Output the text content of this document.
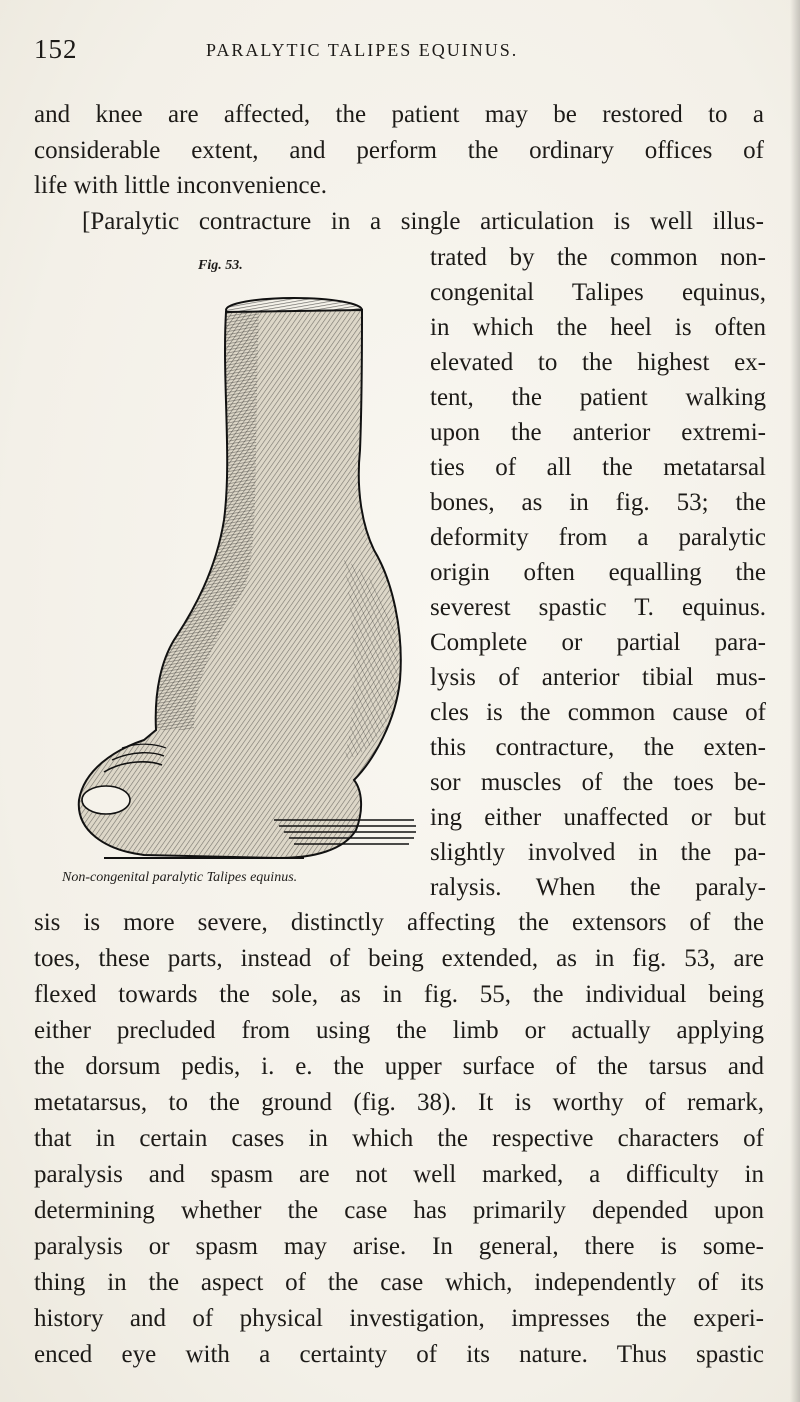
152	PARALYTIC TALIPES EQUINUS.
and knee are affected, the patient may be restored to a
considerable extent, and perform the ordinary offices of
life with little inconvenience.
[Paralytic contracture in a single articulation is well illus-
Fig. 53.
Non-congenital paralytic Talipes equinus.
trated by the common non-
congenital Talipes equinus,
in which the heel is often
elevated to the highest ex-
tent, the patient walking
upon the anterior extremi-
ties of all the metatarsal
bones, as in fig. 53; the
deformity from a paralytic
origin often equalling the
severest spastic T. equinus.
Complete or partial para-
lysis of anterior tibial mus-
cles is the common cause of
this contracture, the exten-
sor muscles of the toes be-
ing either unaffected or but
slightly involved in the pa-
ralysis. When the paraly-
sis is more severe, distinctly affecting the extensors of the
toes, these parts, instead of being extended, as in fig. 53, are
flexed towards the sole, as in fig. 55, the individual being
either precluded from using the limb or actually applying
the dorsum pedis, i. e. the upper surface of the tarsus and
metatarsus, to the ground (fig. 38). It is worthy of remark,
that in certain cases in which the respective characters of
paralysis and spasm are not well marked, a difficulty in
determining whether the case has primarily depended upon
paralysis or spasm may arise. In general, there is some-
thing in the aspect of the case which, independently of its
history and of physical investigation, impresses the experi-
enced eye with a certainty of its nature. Thus spastic
